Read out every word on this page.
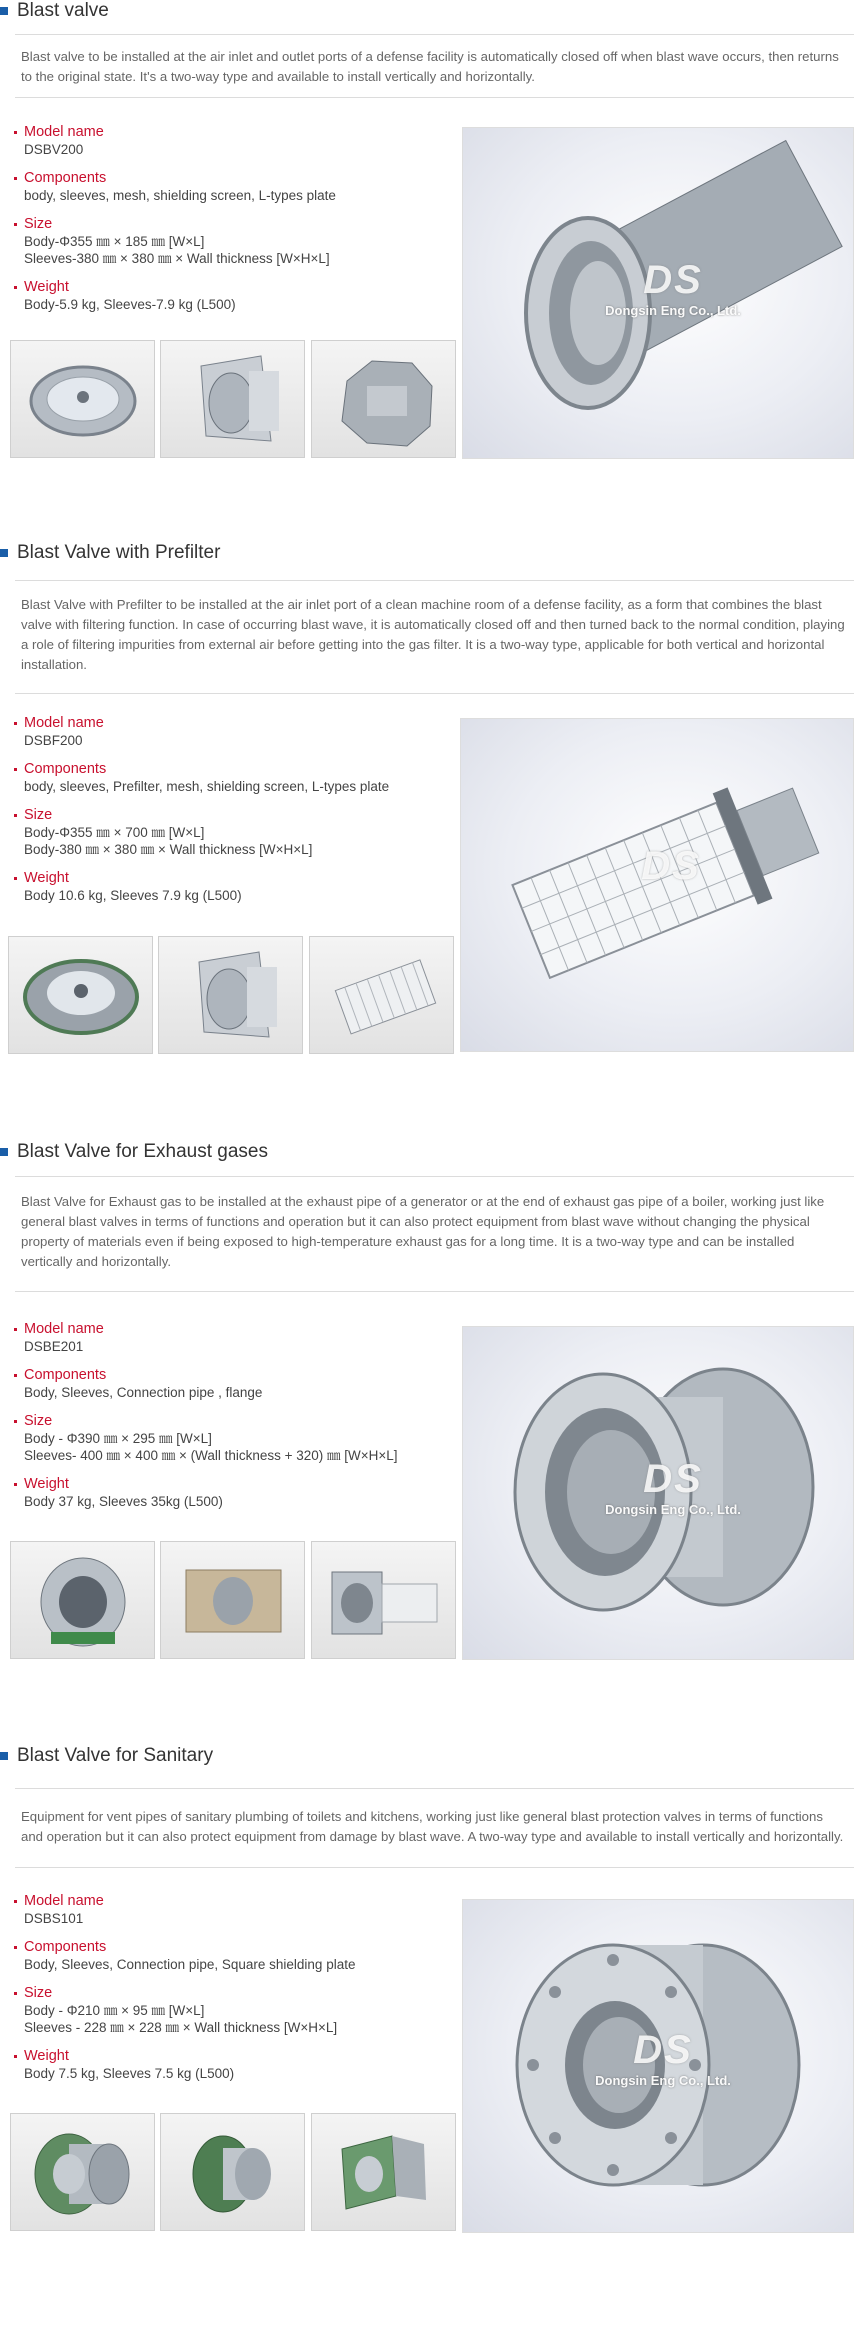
Blast valve
Blast valve to be installed at the air inlet and outlet ports of a defense facility is automatically closed off when blast wave occurs, then returns to the original state. It's a two-way type and available to install vertically and horizontally.
Model name
DSBV200
Components
body, sleeves, mesh, shielding screen, L-types plate
Size
Body-Φ355 ㎜ × 185 ㎜ [W×L]
Sleeves-380 ㎜ × 380 ㎜ × Wall thickness [W×H×L]
Weight
Body-5.9 kg, Sleeves-7.9 kg (L500)
DS
Dongsin Eng Co., Ltd.
Blast Valve with Prefilter
Blast Valve with Prefilter to be installed at the air inlet port of a clean machine room of a defense facility, as a form that combines the blast valve with filtering function. In case of occurring blast wave, it is automatically closed off and then turned back to the normal condition, playing a role of filtering impurities from external air before getting into the gas filter. It is a two-way type, applicable for both vertical and horizontal installation.
Model name
DSBF200
Components
body, sleeves, Prefilter, mesh, shielding screen, L-types plate
Size
Body-Φ355 ㎜ × 700 ㎜ [W×L]
Body-380 ㎜ × 380 ㎜ × Wall thickness [W×H×L]
Weight
Body 10.6 kg, Sleeves 7.9 kg (L500)
DS
Blast Valve for Exhaust gases
Blast Valve for Exhaust gas to be installed at the exhaust pipe of a generator or at the end of exhaust gas pipe of a boiler, working just like general blast valves in terms of functions and operation but it can also protect equipment from blast wave without changing the physical property of materials even if being exposed to high-temperature exhaust gas for a long time. It is a two-way type and can be installed vertically and horizontally.
Model name
DSBE201
Components
Body, Sleeves, Connection pipe , flange
Size
Body - Φ390 ㎜ × 295 ㎜ [W×L]
Sleeves- 400 ㎜ × 400 ㎜ × (Wall thickness + 320) ㎜ [W×H×L]
Weight
Body 37 kg, Sleeves 35kg (L500)
DS
Dongsin Eng Co., Ltd.
Blast Valve for Sanitary
Equipment for vent pipes of sanitary plumbing of toilets and kitchens, working just like general blast protection valves in terms of functions and operation but it can also protect equipment from damage by blast wave. A two-way type and available to install vertically and horizontally.
Model name
DSBS101
Components
Body, Sleeves, Connection pipe, Square shielding plate
Size
Body - Φ210 ㎜ × 95 ㎜ [W×L]
Sleeves - 228 ㎜ × 228 ㎜ × Wall thickness [W×H×L]
Weight
Body 7.5 kg, Sleeves 7.5 kg (L500)
DS
Dongsin Eng Co., Ltd.
